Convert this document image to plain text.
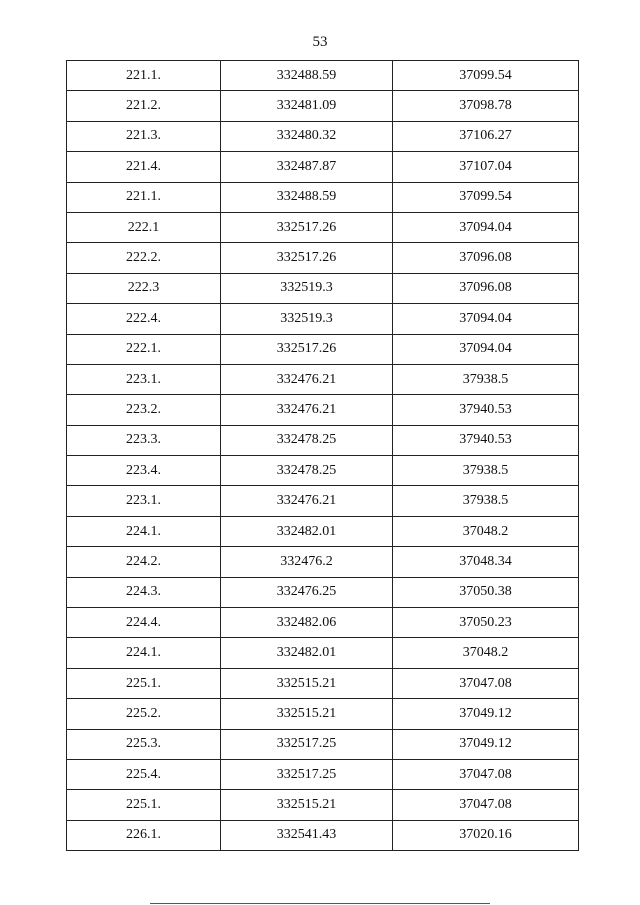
53
221.1.	332488.59	37099.54
221.2.	332481.09	37098.78
221.3.	332480.32	37106.27
221.4.	332487.87	37107.04
221.1.	332488.59	37099.54
222.1	332517.26	37094.04
222.2.	332517.26	37096.08
222.3	332519.3	37096.08
222.4.	332519.3	37094.04
222.1.	332517.26	37094.04
223.1.	332476.21	37938.5
223.2.	332476.21	37940.53
223.3.	332478.25	37940.53
223.4.	332478.25	37938.5
223.1.	332476.21	37938.5
224.1.	332482.01	37048.2
224.2.	332476.2	37048.34
224.3.	332476.25	37050.38
224.4.	332482.06	37050.23
224.1.	332482.01	37048.2
225.1.	332515.21	37047.08
225.2.	332515.21	37049.12
225.3.	332517.25	37049.12
225.4.	332517.25	37047.08
225.1.	332515.21	37047.08
226.1.	332541.43	37020.16
